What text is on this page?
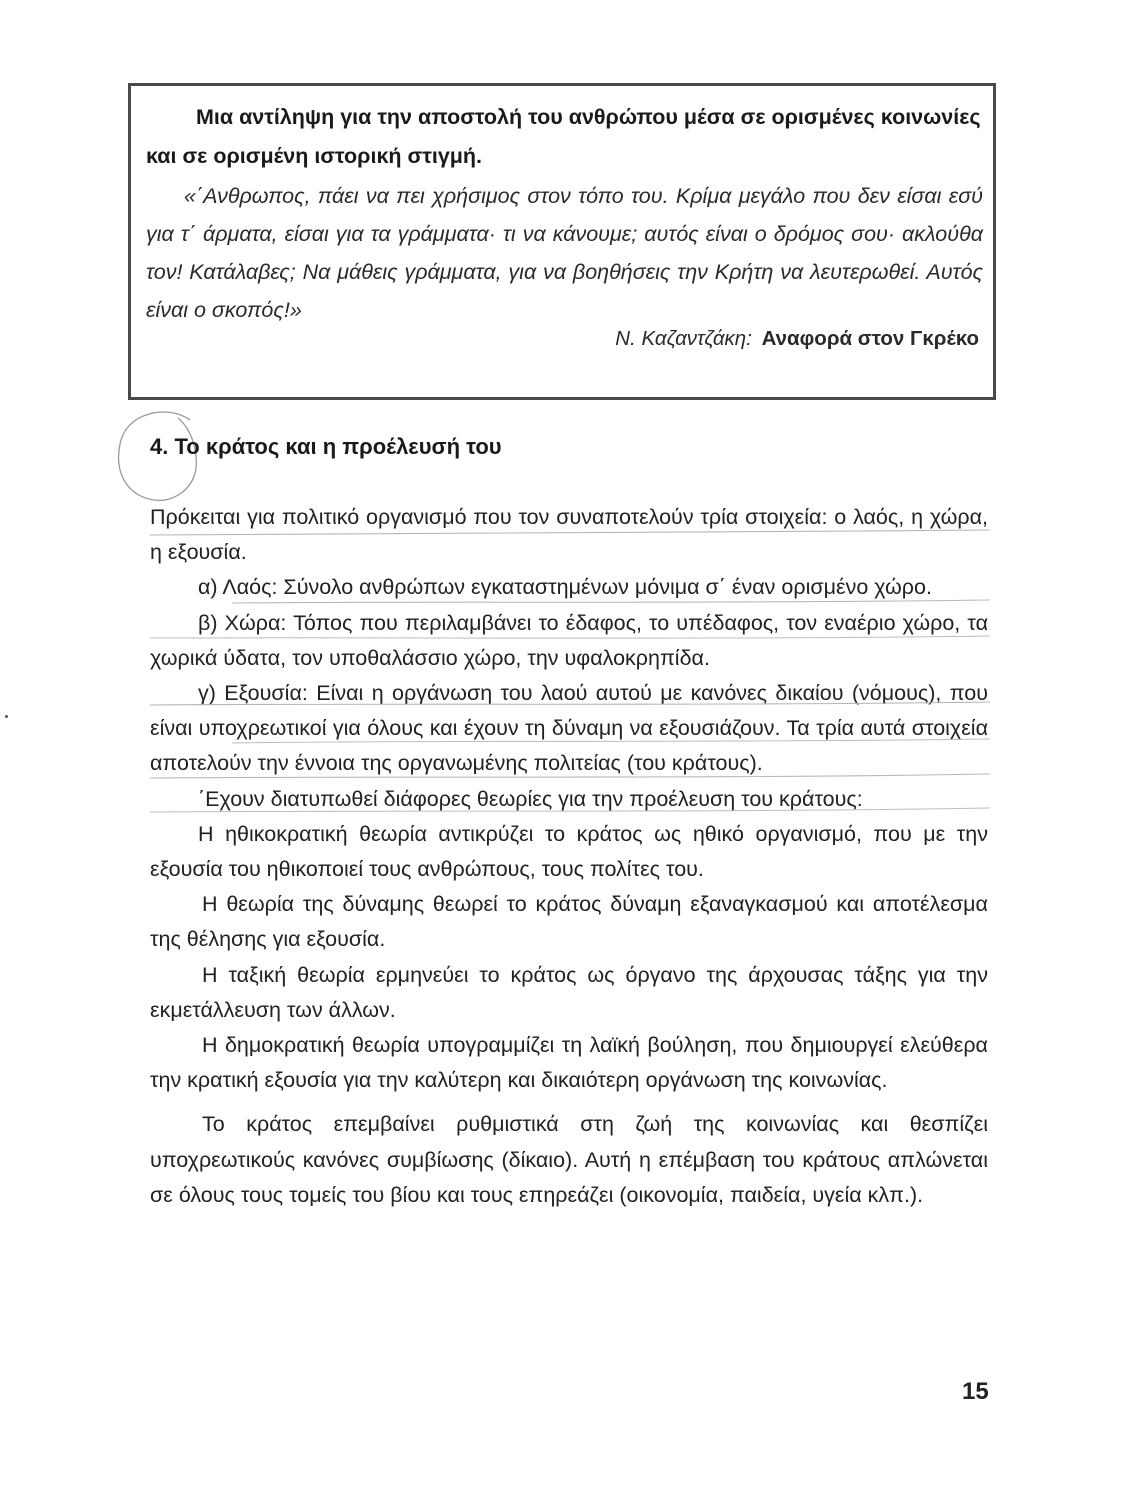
Μια αντίληψη για την αποστολή του ανθρώπου μέσα σε ορισμένες κοινωνίες και σε ορισμένη ιστορική στιγμή.
«΄Ανθρωπος, πάει να πει χρήσιμος στον τόπο του. Κρίμα μεγάλο που δεν είσαι εσύ για τ΄ άρματα, είσαι για τα γράμματα· τι να κάνουμε; αυτός είναι ο δρόμος σου· ακλούθα τον! Κατάλαβες; Να μάθεις γράμματα, για να βοηθήσεις την Κρήτη να λευτερωθεί. Αυτός είναι ο σκοπός!»
Ν. Καζαντζάκη: Αναφορά στον Γκρέκο
4. Το κράτος και η προέλευσή του

Πρόκειται για πολιτικό οργανισμό που τον συναποτελούν τρία στοιχεία: ο λαός, η χώρα, η εξουσία.

α) Λαός: Σύνολο ανθρώπων εγκαταστημένων μόνιμα σ΄ έναν ορισμένο χώρο.

β) Χώρα: Τόπος που περιλαμβάνει το έδαφος, το υπέδαφος, τον εναέριο χώρο, τα χωρικά ύδατα, τον υποθαλάσσιο χώρο, την υφαλοκρηπίδα.

γ) Εξουσία: Είναι η οργάνωση του λαού αυτού με κανόνες δικαίου (νόμους), που είναι υποχρεωτικοί για όλους και έχουν τη δύναμη να εξουσιάζουν. Τα τρία αυτά στοιχεία αποτελούν την έννοια της οργανωμένης πολιτείας (του κράτους).

΄Εχουν διατυπωθεί διάφορες θεωρίες για την προέλευση του κράτους:

Η ηθικοκρατική θεωρία αντικρύζει το κράτος ως ηθικό οργανισμό, που με την εξουσία του ηθικοποιεί τους ανθρώπους, τους πολίτες του.

Η θεωρία της δύναμης θεωρεί το κράτος δύναμη εξαναγκασμού και αποτέλεσμα της θέλησης για εξουσία.

Η ταξική θεωρία ερμηνεύει το κράτος ως όργανο της άρχουσας τάξης για την εκμετάλλευση των άλλων.

Η δημοκρατική θεωρία υπογραμμίζει τη λαϊκή βούληση, που δημιουργεί ελεύθερα την κρατική εξουσία για την καλύτερη και δικαιότερη οργάνωση της κοινωνίας.

Το κράτος επεμβαίνει ρυθμιστικά στη ζωή της κοινωνίας και θεσπίζει υποχρεωτικούς κανόνες συμβίωσης (δίκαιο). Αυτή η επέμβαση του κράτους απλώνεται σε όλους τους τομείς του βίου και τους επηρεάζει (οικονομία, παιδεία, υγεία κλπ.).

15
